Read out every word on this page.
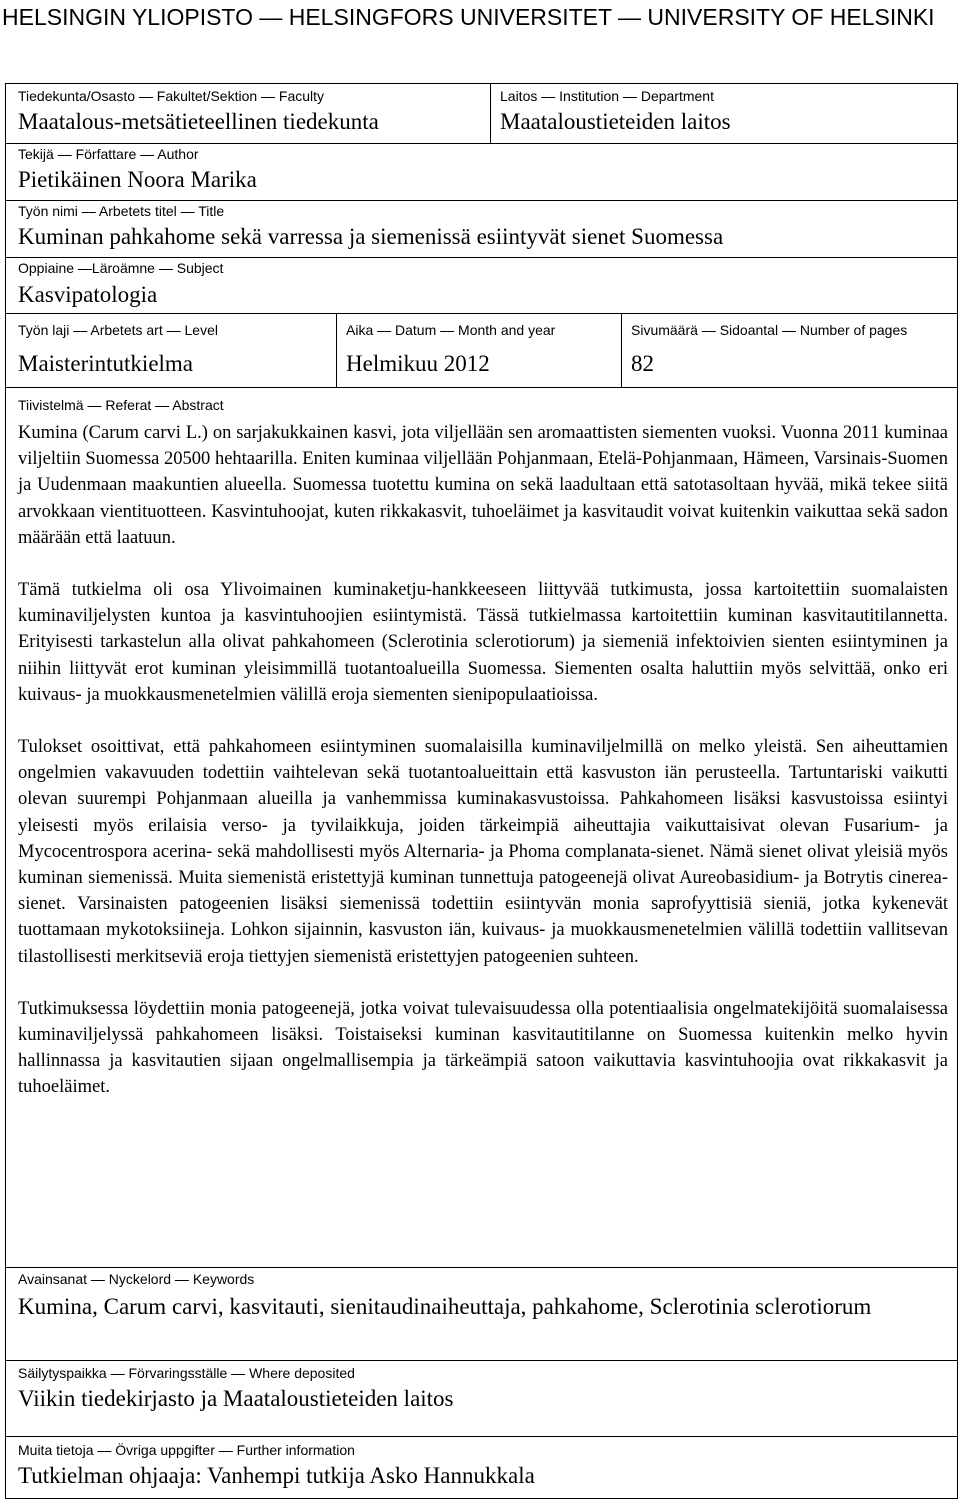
HELSINGIN YLIOPISTO ⎯⎯ HELSINGFORS UNIVERSITET ⎯⎯ UNIVERSITY OF HELSINKI
Tiedekunta/Osasto ⎯⎯ Fakultet/Sektion ⎯⎯ Faculty
Maatalous-metsätieteellinen tiedekunta
Laitos ⎯⎯ Institution ⎯⎯ Department
Maataloustieteiden laitos
Tekijä ⎯⎯ Författare ⎯⎯ Author
Pietikäinen Noora Marika
Työn nimi ⎯⎯ Arbetets titel ⎯⎯ Title
Kuminan pahkahome sekä varressa ja siemenissä esiintyvät sienet Suomessa
Oppiaine ⎯⎯Läroämne ⎯⎯ Subject
Kasvipatologia
Työn laji ⎯⎯ Arbetets art ⎯⎯ Level
Maisterintutkielma
Aika ⎯⎯ Datum ⎯⎯ Month and year
Helmikuu 2012
Sivumäärä ⎯⎯ Sidoantal ⎯⎯ Number of pages
82
Tiivistelmä ⎯⎯ Referat ⎯⎯ Abstract

Kumina (Carum carvi L.) on sarjakukkainen kasvi, jota viljellään sen aromaattisten siementen vuoksi. Vuonna 2011 kuminaa viljeltiin Suomessa 20500 hehtaarilla. Eniten kuminaa viljellään Pohjanmaan, Etelä-Pohjanmaan, Hämeen, Varsinais-Suomen ja Uudenmaan maakuntien alueella. Suomessa tuotettu kumina on sekä laadultaan että satotasoltaan hyvää, mikä tekee siitä arvokkaan vientituotteen. Kasvintuhoojat, kuten rikkakasvit, tuhoeläimet ja kasvitaudit voivat kuitenkin vaikuttaa sekä sadon määrään että laatuun.

Tämä tutkielma oli osa Ylivoimainen kuminaketju-hankkeeseen liittyvää tutkimusta, jossa kartoitettiin suomalaisten kuminaviljelysten kuntoa ja kasvintuhoojien esiintymistä. Tässä tutkielmassa kartoitettiin kuminan kasvitautitilannetta. Erityisesti tarkastelun alla olivat pahkahomeen (Sclerotinia sclerotiorum) ja siemeniä infektoivien sienten esiintyminen ja niihin liittyvät erot kuminan yleisimmillä tuotantoalueilla Suomessa. Siementen osalta haluttiin myös selvittää, onko eri kuivaus- ja muokkausmenetelmien välillä eroja siementen sienipopulaatioissa.

Tulokset osoittivat, että pahkahomeen esiintyminen suomalaisilla kuminaviljelmillä on melko yleistä. Sen aiheuttamien ongelmien vakavuuden todettiin vaihtelevan sekä tuotantoalueittain että kasvuston iän perusteella. Tartuntariski vaikutti olevan suurempi Pohjanmaan alueilla ja vanhemmissa kuminakasvustoissa. Pahkahomeen lisäksi kasvustoissa esiintyi yleisesti myös erilaisia verso- ja tyvilaikkuja, joiden tärkeimpiä aiheuttajia vaikuttaisivat olevan Fusarium- ja Mycocentrospora acerina- sekä mahdollisesti myös Alternaria- ja Phoma complanata-sienet. Nämä sienet olivat yleisiä myös kuminan siemenissä. Muita siemenistä eristettyjä kuminan tunnettuja patogeenejä olivat Aureobasidium- ja Botrytis cinerea-sienet. Varsinaisten patogeenien lisäksi siemenissä todettiin esiintyvän monia saprofyyttisiä sieniä, jotka kykenevät tuottamaan mykotoksiineja. Lohkon sijainnin, kasvuston iän, kuivaus- ja muokkausmenetelmien välillä todettiin vallitsevan tilastollisesti merkitseviä eroja tiettyjen siemenistä eristettyjen patogeenien suhteen.

Tutkimuksessa löydettiin monia patogeenejä, jotka voivat tulevaisuudessa olla potentiaalisia ongelmatekijöitä suomalaisessa kuminaviljelyssä pahkahomeen lisäksi. Toistaiseksi kuminan kasvitautitilanne on Suomessa kuitenkin melko hyvin hallinnassa ja kasvitautien sijaan ongelmallisempia ja tärkeämpiä satoon vaikuttavia kasvintuhoojia ovat rikkakasvit ja tuhoeläimet.

Avainsanat ⎯⎯ Nyckelord ⎯⎯ Keywords
Kumina, Carum carvi, kasvitauti, sienitaudinaiheuttaja, pahkahome, Sclerotinia sclerotiorum
Säilytyspaikka ⎯⎯ Förvaringsställe ⎯⎯ Where deposited
Viikin tiedekirjasto ja Maataloustieteiden laitos
Muita tietoja ⎯⎯ Övriga uppgifter ⎯⎯ Further information
Tutkielman ohjaaja: Vanhempi tutkija Asko Hannukkala
